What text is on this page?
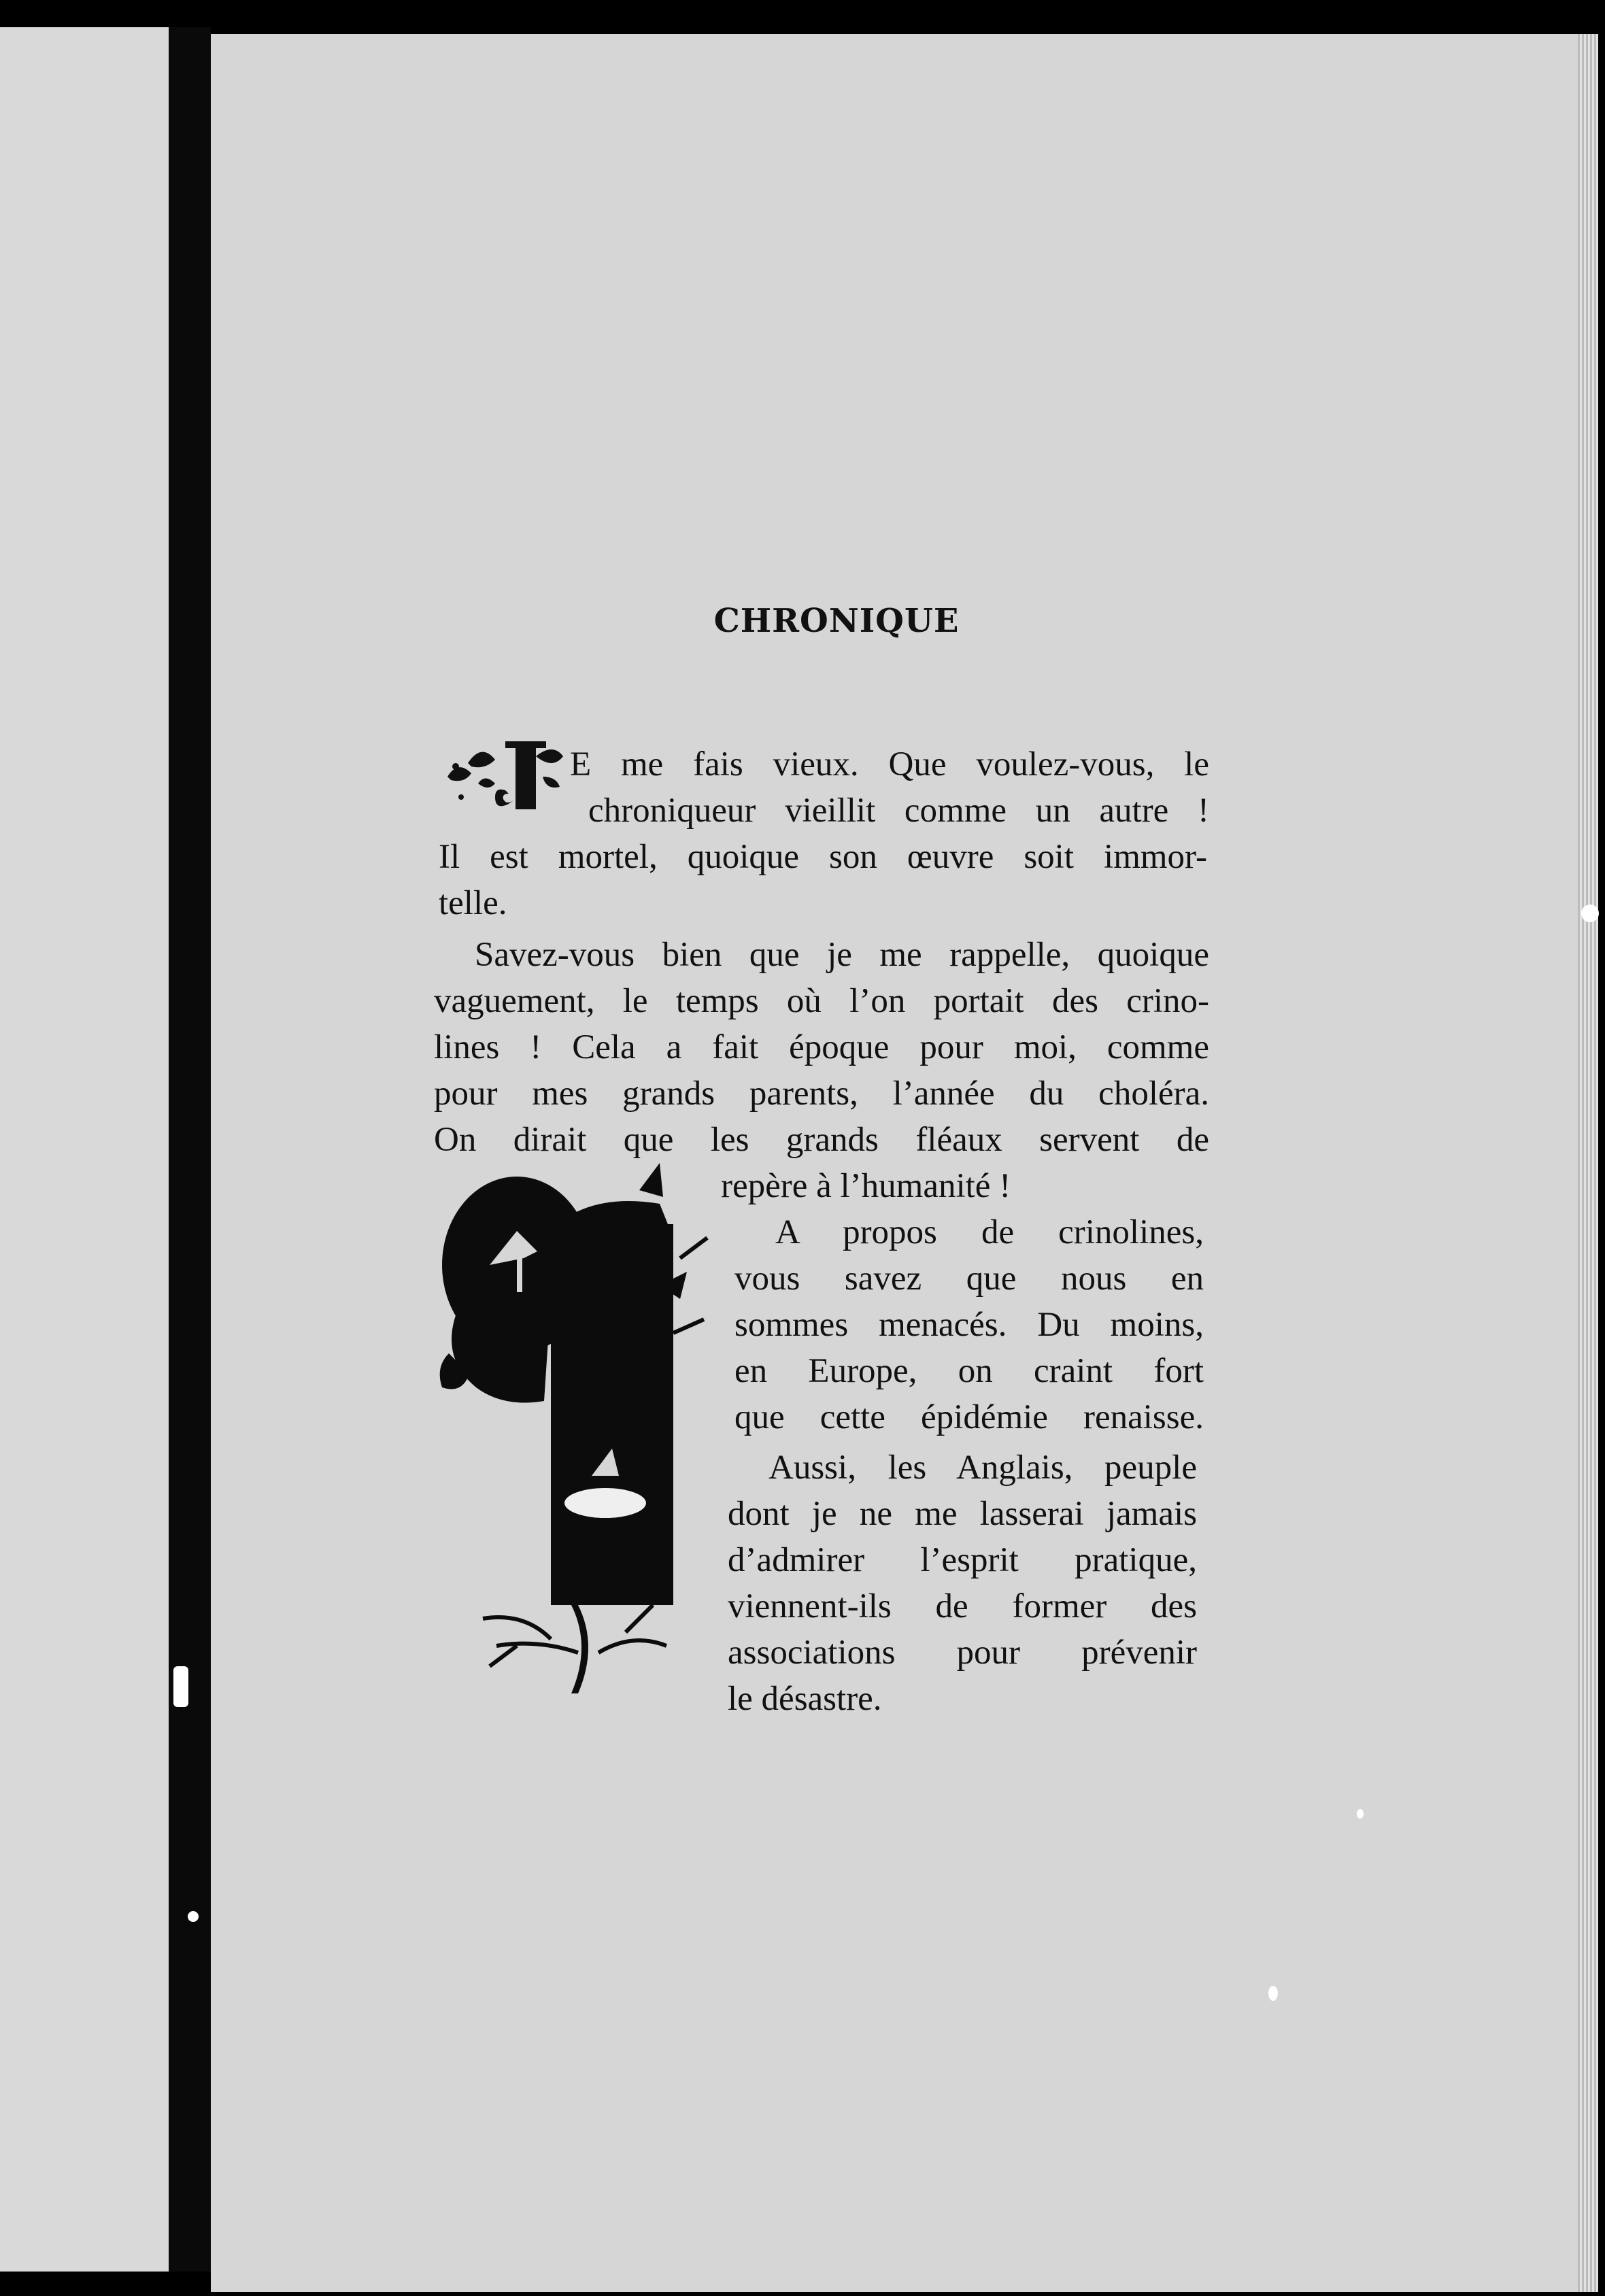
CHRONIQUE
E me fais vieux. Que voulez-vous, le
chroniqueur vieillit comme un autre !
Il est mortel, quoique son œuvre soit immor-
telle.
Savez-vous bien que je me rappelle, quoique
vaguement, le temps où l’on portait des crino-
lines ! Cela a fait époque pour moi, comme
pour mes grands parents, l’année du choléra.
On dirait que les grands fléaux servent de
repère à l’humanité !
A propos de crinolines,
vous savez que nous en
sommes menacés. Du moins,
en Europe, on craint fort
que cette épidémie renaisse.
Aussi, les Anglais, peuple
dont je ne me lasserai jamais
d’admirer l’esprit pratique,
viennent-ils de former des
associations pour prévenir
le désastre.
